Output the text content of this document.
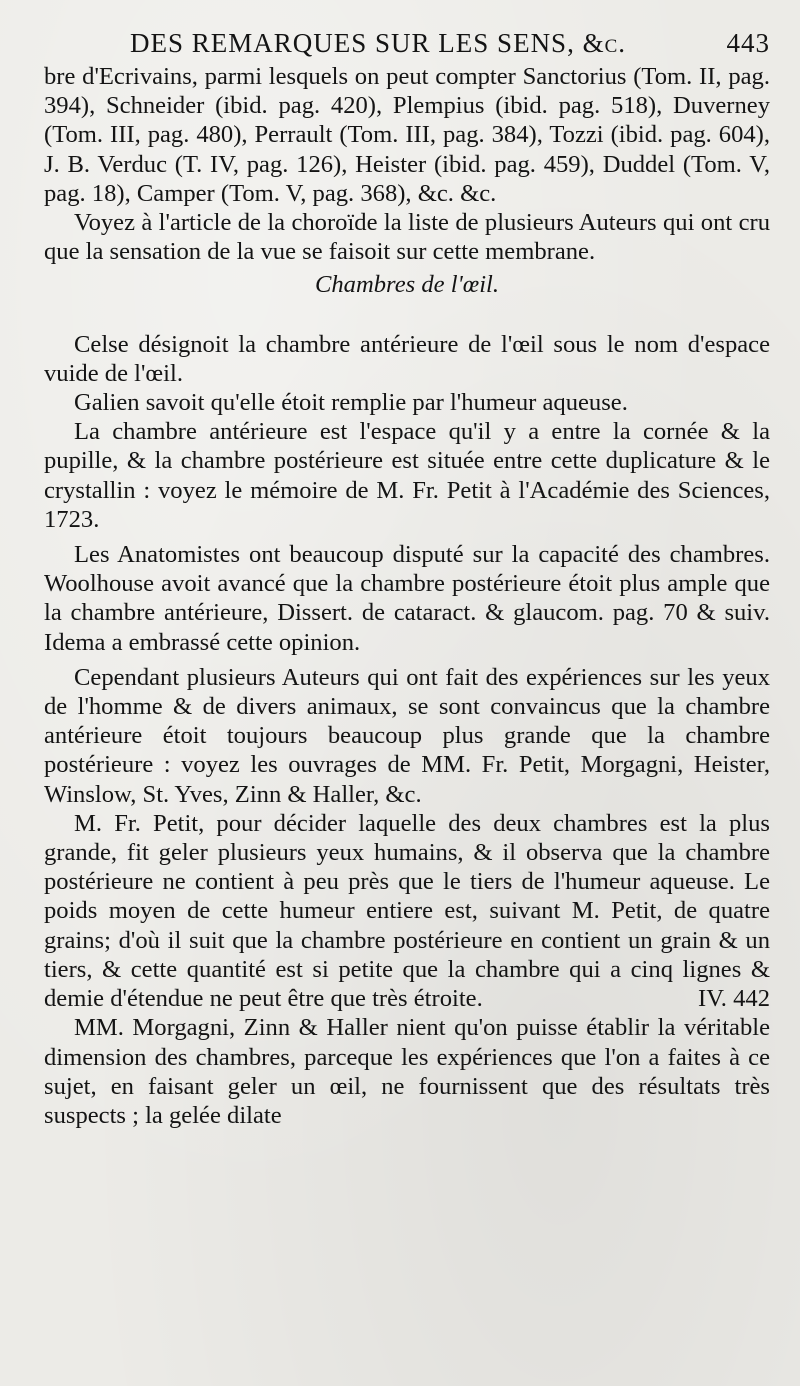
DES REMARQUES SUR LES SENS, &c.	443

bre d'Ecrivains, parmi lesquels on peut compter Sanctorius (Tom. II, pag. 394), Schneider (ibid. pag. 420), Plempius (ibid. pag. 518), Duverney (Tom. III, pag. 480), Perrault (Tom. III, pag. 384), Tozzi (ibid. pag. 604), J. B. Verduc (T. IV, pag. 126), Heister (ibid. pag. 459), Duddel (Tom. V, pag. 18), Camper (Tom. V, pag. 368), &c. &c.

Voyez à l'article de la choroïde la liste de plusieurs Auteurs qui ont cru que la sensation de la vue se faisoit sur cette membrane.

Chambres de l'œil.

Celse désignoit la chambre antérieure de l'œil sous le nom d'espace vuide de l'œil.

Galien savoit qu'elle étoit remplie par l'humeur aqueuse.

La chambre antérieure est l'espace qu'il y a entre la cornée & la pupille, & la chambre postérieure est située entre cette duplicature & le crystallin : voyez le mémoire de M. Fr. Petit à l'Académie des Sciences, 1723.

Les Anatomistes ont beaucoup disputé sur la capacité des chambres. Woolhouse avoit avancé que la chambre postérieure étoit plus ample que la chambre antérieure, Dissert. de cataract. & glaucom. pag. 70 & suiv. Idema a embrassé cette opinion.

Cependant plusieurs Auteurs qui ont fait des expériences sur les yeux de l'homme & de divers animaux, se sont convaincus que la chambre antérieure étoit toujours beaucoup plus grande que la chambre postérieure : voyez les ouvrages de MM. Fr. Petit, Morgagni, Heister, Winslow, St. Yves, Zinn & Haller, &c.

M. Fr. Petit, pour décider laquelle des deux chambres est la plus grande, fit geler plusieurs yeux humains, & il observa que la chambre postérieure ne contient à peu près que le tiers de l'humeur aqueuse. Le poids moyen de cette humeur entiere est, suivant M. Petit, de quatre grains; d'où il suit que la chambre postérieure en contient un grain & un tiers, & cette quantité est si petite que la chambre qui a cinq lignes & demie d'étendue ne peut être que très étroite.	IV. 442

MM. Morgagni, Zinn & Haller nient qu'on puisse établir la véritable dimension des chambres, parceque les expériences que l'on a faites à ce sujet, en faisant geler un œil, ne fournissent que des résultats très suspects ; la gelée dilate
